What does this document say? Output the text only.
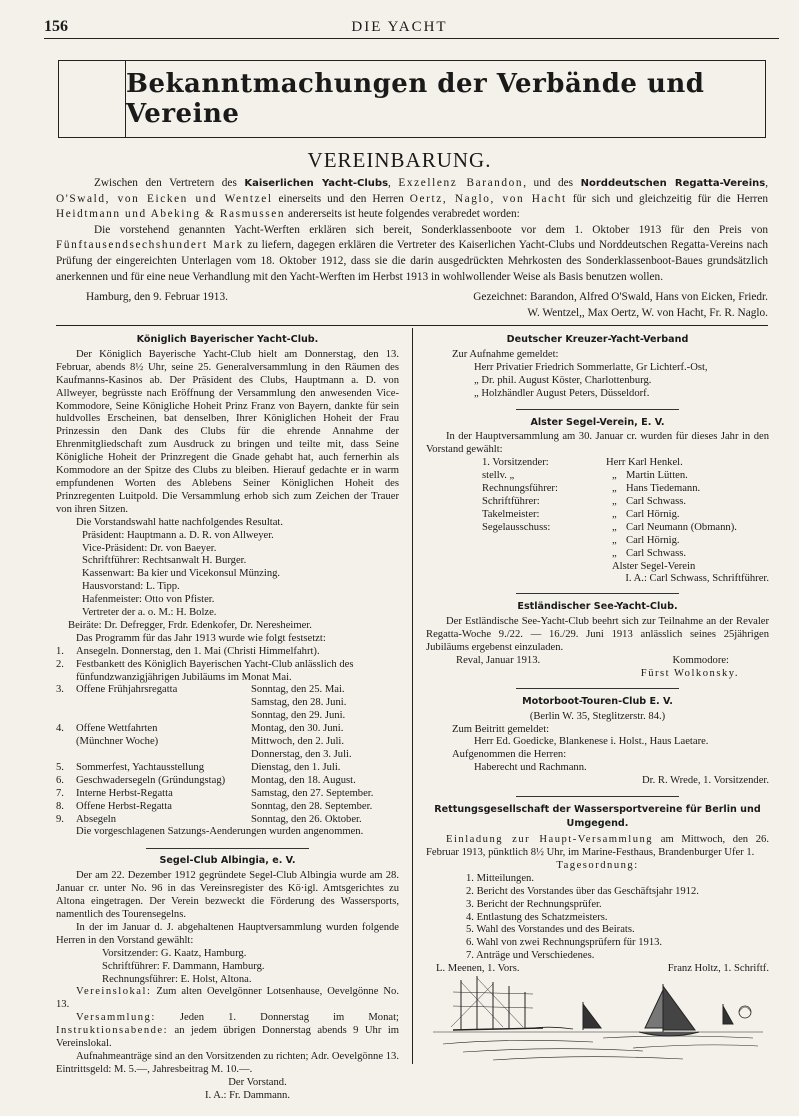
156	DIE YACHT
Bekanntmachungen der Verbände und Vereine
VEREINBARUNG.

Zwischen den Vertretern des Kaiserlichen Yacht-Clubs, Exzellenz Barandon, und des Norddeutschen Regatta-Vereins, O'Swald, von Eicken und Wentzel einerseits und den Herren Oertz, Naglo, von Hacht für sich und gleichzeitig für die Herren Heidtmann und Abeking & Rasmussen andererseits ist heute folgendes verabredet worden:

Die vorstehend genannten Yacht-Werften erklären sich bereit, Sonderklassenboote vor dem 1. Oktober 1913 für den Preis von Fünftausendsechshundert Mark zu liefern, dagegen erklären die Vertreter des Kaiserlichen Yacht-Clubs und Norddeutschen Regatta-Vereins nach Prüfung der eingereichten Unterlagen vom 18. Oktober 1912, dass sie die darin ausgedrückten Mehrkosten des Sonderklassenboot-Baues grundsätzlich anerkennen und für eine neue Verhandlung mit den Yacht-Werften im Herbst 1913 in wohlwollender Weise als Basis benutzen wollen.

Hamburg, den 9. Februar 1913.	Gezeichnet: Barandon, Alfred O'Swald, Hans von Eicken, Friedr.
W. Wentzel,, Max Oertz, W. von Hacht, Fr. R. Naglo.
Königlich Bayerischer Yacht-Club.

Der Königlich Bayerische Yacht-Club hielt am Donnerstag, den 13. Februar, abends 8½ Uhr, seine 25. Generalversammlung in den Räumen des Kaufmanns-Kasinos ab. Der Präsident des Clubs, Hauptmann a. D. von Allweyer, begrüsste nach Eröffnung der Versammlung den anwesenden Vice-Kommodore, Seine Königliche Hoheit Prinz Franz von Bayern, dankte für sein huldvolles Erscheinen, bat denselben, Ihrer Königlichen Hoheit der Frau Prinzessin den Dank des Clubs für die ehrende Annahme der Ehrenmitgliedschaft zum Ausdruck zu bringen und teilte mit, dass Seine Königliche Hoheit der Prinzregent die Gnade gehabt hat, auch fernerhin als Kommodore an der Spitze des Clubs zu bleiben. Hierauf gedachte er in warm empfundenen Worten des Ablebens Seiner Königlichen Hoheit des Prinzregenten Luitpold. Die Versammlung erhob sich zum Zeichen der Trauer von ihren Sitzen.

Die Vorstandswahl hatte nachfolgendes Resultat.

Präsident: Hauptmann a. D. R. von Allweyer.
Vice-Präsident: Dr. von Baeyer.
Schriftführer: Rechtsanwalt H. Burger.
Kassenwart: Ba kier und Vicekonsul Münzing.
Hausvorstand: L. Tipp.
Hafenmeister: Otto von Pfister.
Vertreter der a. o. M.: H. Bolze.
Beiräte: Dr. Defregger, Frdr. Edenkofer, Dr. Neresheimer.
Das Programm für das Jahr 1913 wurde wie folgt festsetzt:
1.	Ansegeln. Donnerstag, den 1. Mai (Christi Himmelfahrt).
2.	Festbankett des Königlich Bayerischen Yacht-Club anlässlich des fünfundzwanzigjährigen Jubiläums im Monat Mai.
3.	Offene Frühjahrsregatta	Sonntag, den 25. Mai.
Samstag, den 28. Juni.
Sonntag, den 29. Juni.
4.	Offene Wettfahrten	Montag, den 30. Juni.
(Münchner Woche)	Mittwoch, den 2. Juli.
Donnerstag, den 3. Juli.
5.	Sommerfest, Yachtausstellung	Dienstag, den 1. Juli.
6.	Geschwadersegeln (Gründungstag)	Montag, den 18. August.
7.	Interne Herbst-Regatta	Samstag, den 27. September.
8.	Offene Herbst-Regatta	Sonntag, den 28. September.
9.	Absegeln	Sonntag, den 26. Oktober.

Die vorgeschlagenen Satzungs-Aenderungen wurden angenommen.

Segel-Club Albingia, e. V.

Der am 22. Dezember 1912 gegründete Segel-Club Albingia wurde am 28. Januar cr. unter No. 96 in das Vereinsregister des Kö·igl. Amtsgerichtes zu Altona eingetragen. Der Verein bezweckt die Förderung des Wassersports, namentlich des Tourensegelns.

In der im Januar d. J. abgehaltenen Hauptversammlung wurden folgende Herren in den Vorstand gewählt:

Vorsitzender: G. Kaatz, Hamburg.
Schriftführer: F. Dammann, Hamburg.
Rechnungsführer: E. Holst, Altona.

Vereinslokal: Zum alten Oevelgönner Lotsenhause, Oevelgönne No. 13.

Versammlung: Jeden 1. Donnerstag im Monat; Instruktionsabende: an jedem übrigen Donnerstag abends 9 Uhr im Vereinslokal.

Aufnahmeanträge sind an den Vorsitzenden zu richten; Adr. Oevelgönne 13. Eintrittsgeld: M. 5.—, Jahresbeitrag M. 10.—.

Der Vorstand.
I. A.: Fr. Dammann.
Deutscher Kreuzer-Yacht-Verband
Zur Aufnahme gemeldet:
Herr Privatier Friedrich Sommerlatte, Gr Lichterf.-Ost,
„ Dr. phil. August Köster, Charlottenburg.
„ Holzhändler August Peters, Düsseldorf.
Alster Segel-Verein, E. V.

In der Hauptversammlung am 30. Januar cr. wurden für dieses Jahr in den Vorstand gewählt:

1. Vorsitzender:	Herr Karl Henkel.
stellv. „	„ Martin Lütten.
Rechnungsführer:	„ Hans Tiedemann.
Schriftführer:	„ Carl Schwass.
Takelmeister:	„ Carl Hörnig.
Segelausschuss:	„ Carl Neumann (Obmann).
„ Carl Hörnig.
„ Carl Schwass.
Alster Segel-Verein
I. A.: Carl Schwass, Schriftführer.
Estländischer See-Yacht-Club.

Der Estländische See-Yacht-Club beehrt sich zur Teilnahme an der Revaler Regatta-Woche 9./22. — 16./29. Juni 1913 anlässlich seines 25jährigen Jubiläums ergebenst einzuladen.

Reval, Januar 1913.	Kommodore:
Fürst Wolkonsky.
Motorboot-Touren-Club E. V.
(Berlin W. 35, Steglitzerstr. 84.)
Zum Beitritt gemeldet:
Herr Ed. Goedicke, Blankenese i. Holst., Haus Laetare.
Aufgenommen die Herren:
Haberecht und Rachmann.
Dr. R. Wrede, 1. Vorsitzender.
Rettungsgesellschaft der Wassersportvereine für Berlin und Umgegend.

Einladung zur Haupt-Versammlung am Mittwoch, den 26. Februar 1913, pünktlich 8½ Uhr, im Marine-Festhaus, Brandenburger Ufer 1.

Tagesordnung:
1. Mitteilungen.
2. Bericht des Vorstandes über das Geschäftsjahr 1912.
3. Bericht der Rechnungsprüfer.
4. Entlastung des Schatzmeisters.
5. Wahl des Vorstandes und des Beirats.
6. Wahl von zwei Rechnungsprüfern für 1913.
7. Anträge und Verschiedenes.
L. Meenen, 1. Vors.	Franz Holtz, 1. Schriftf.
